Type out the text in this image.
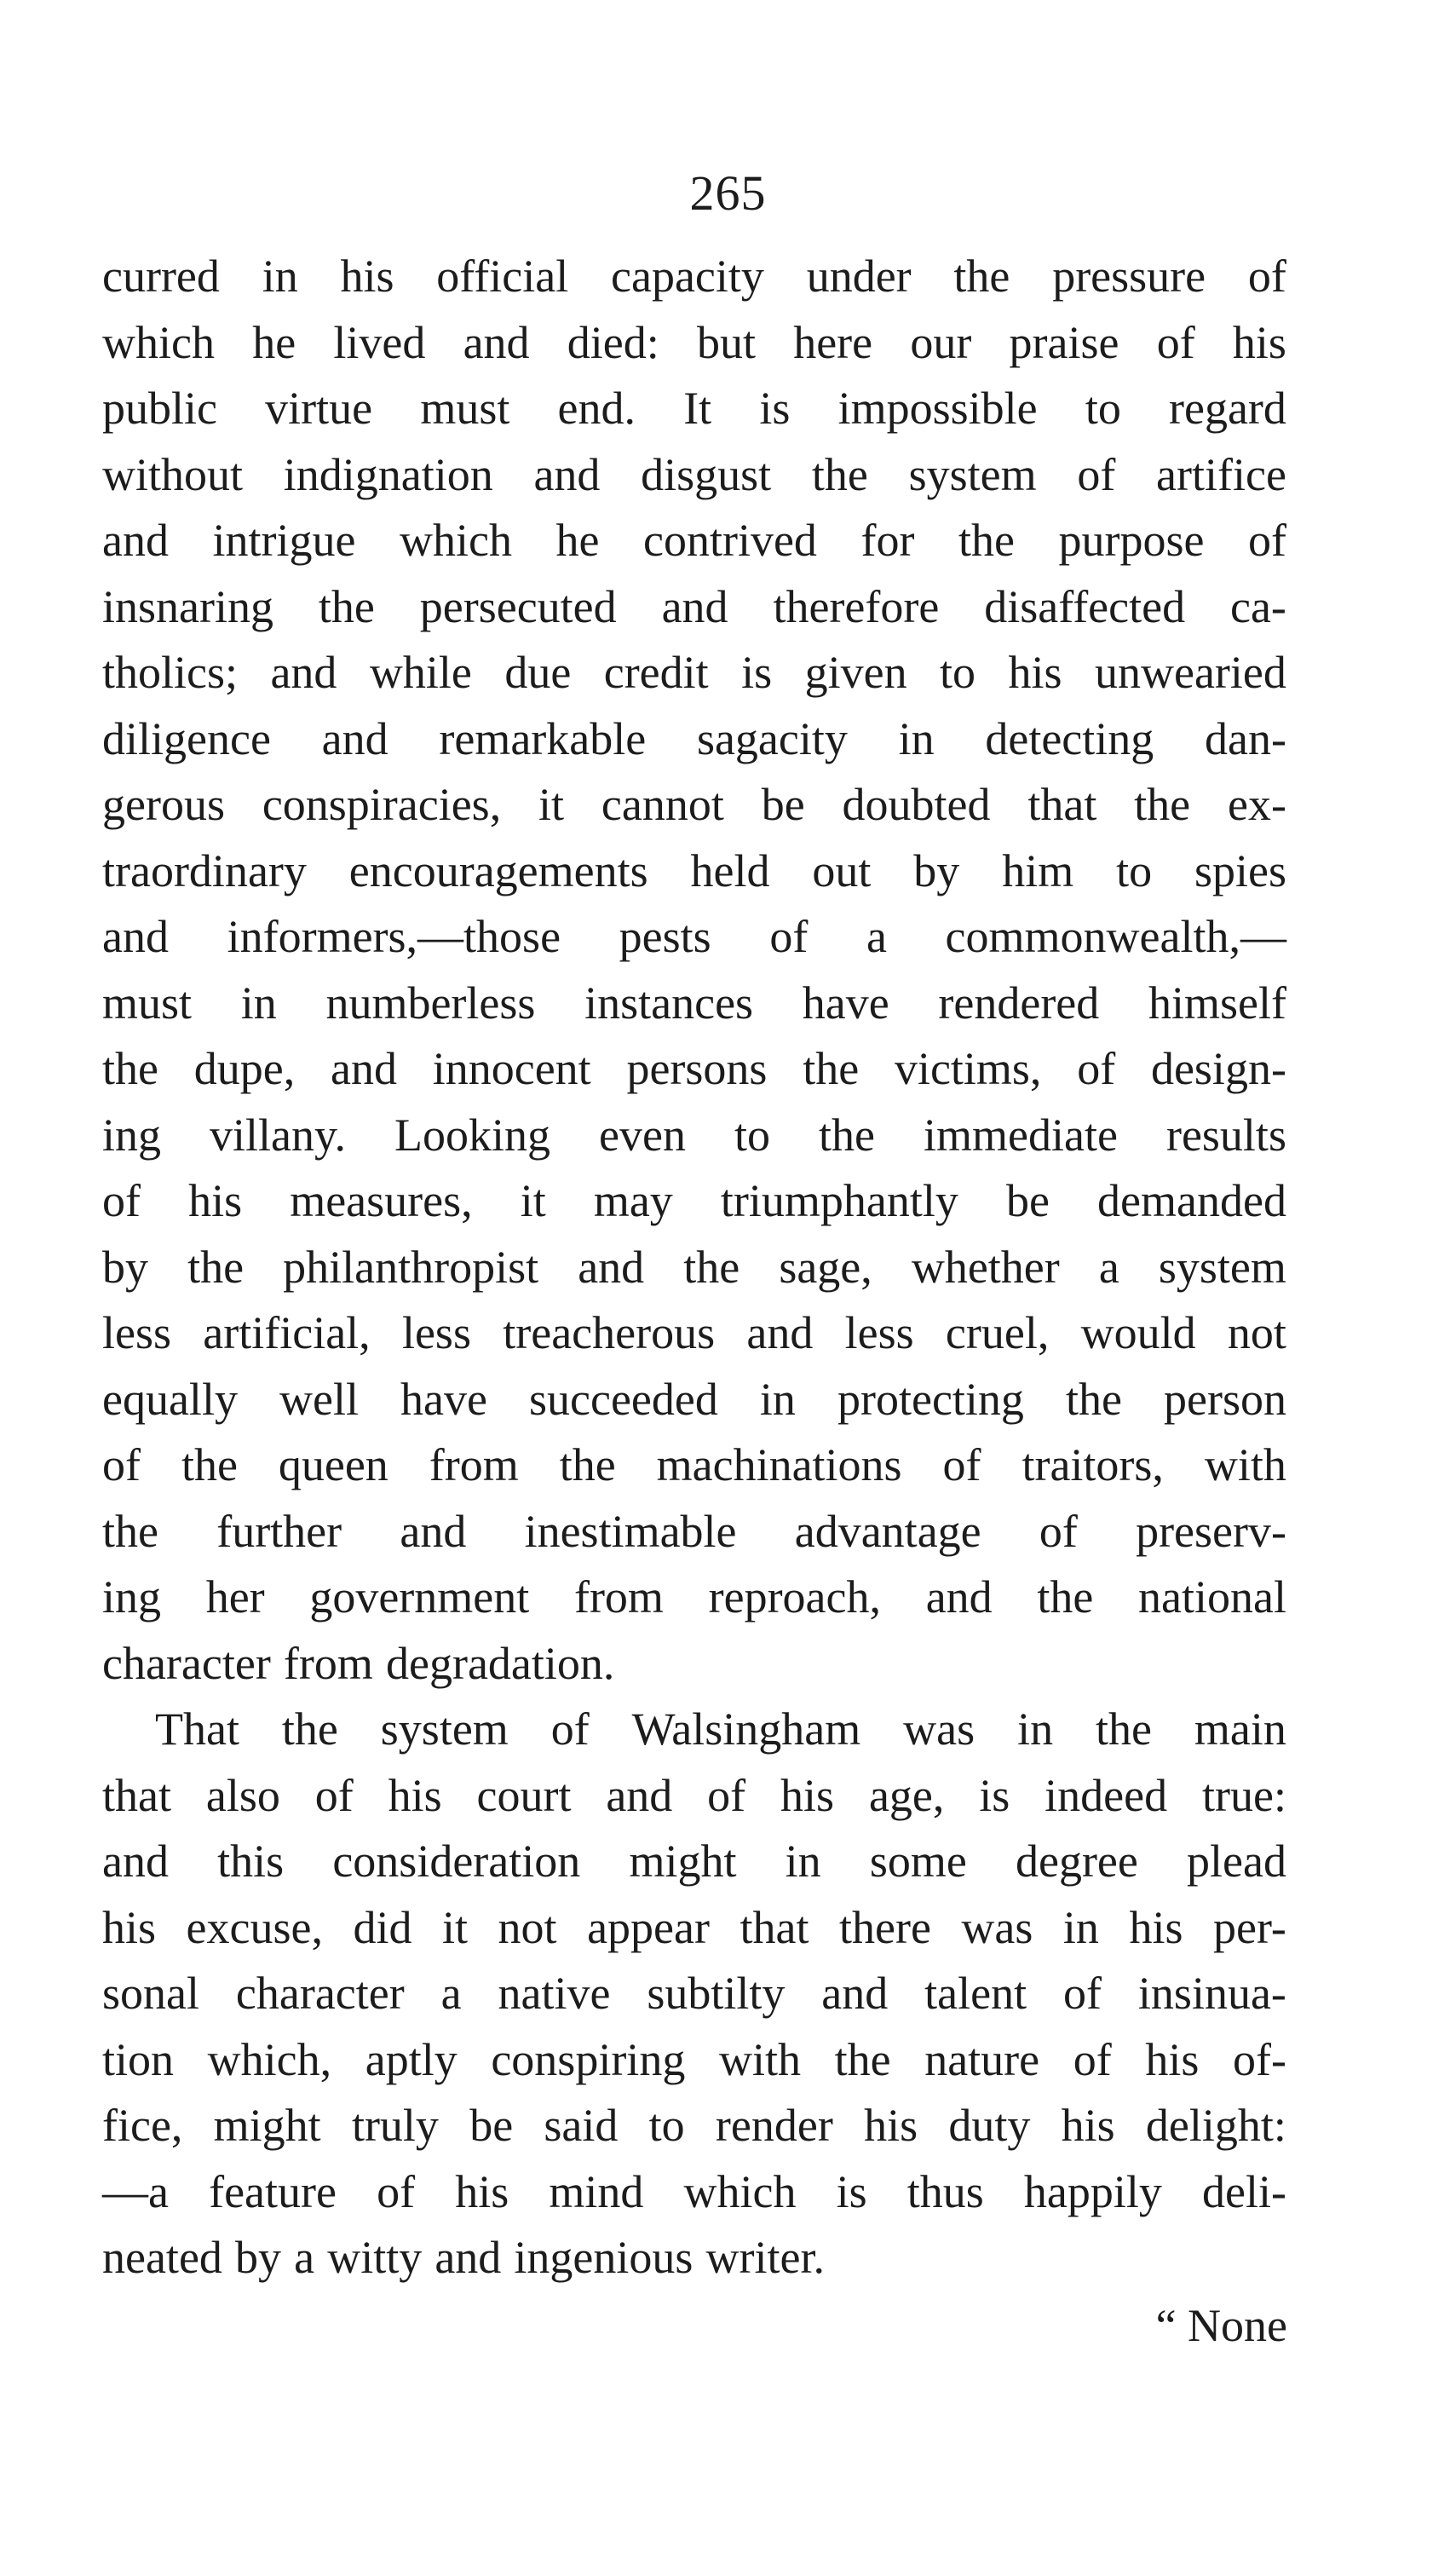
265
curred in his official capacity under the pressure of
which he lived and died: but here our praise of his
public virtue must end. It is impossible to regard
without indignation and disgust the system of artifice
and intrigue which he contrived for the purpose of
insnaring the persecuted and therefore disaffected ca-
tholics; and while due credit is given to his unwearied
diligence and remarkable sagacity in detecting dan-
gerous conspiracies, it cannot be doubted that the ex-
traordinary encouragements held out by him to spies
and informers,—those pests of a commonwealth,—
must in numberless instances have rendered himself
the dupe, and innocent persons the victims, of design-
ing villany. Looking even to the immediate results
of his measures, it may triumphantly be demanded
by the philanthropist and the sage, whether a system
less artificial, less treacherous and less cruel, would not
equally well have succeeded in protecting the person
of the queen from the machinations of traitors, with
the further and inestimable advantage of preserv-
ing her government from reproach, and the national
character from degradation.
That the system of Walsingham was in the main
that also of his court and of his age, is indeed true:
and this consideration might in some degree plead
his excuse, did it not appear that there was in his per-
sonal character a native subtilty and talent of insinua-
tion which, aptly conspiring with the nature of his of-
fice, might truly be said to render his duty his delight:
—a feature of his mind which is thus happily deli-
neated by a witty and ingenious writer.
“ None
